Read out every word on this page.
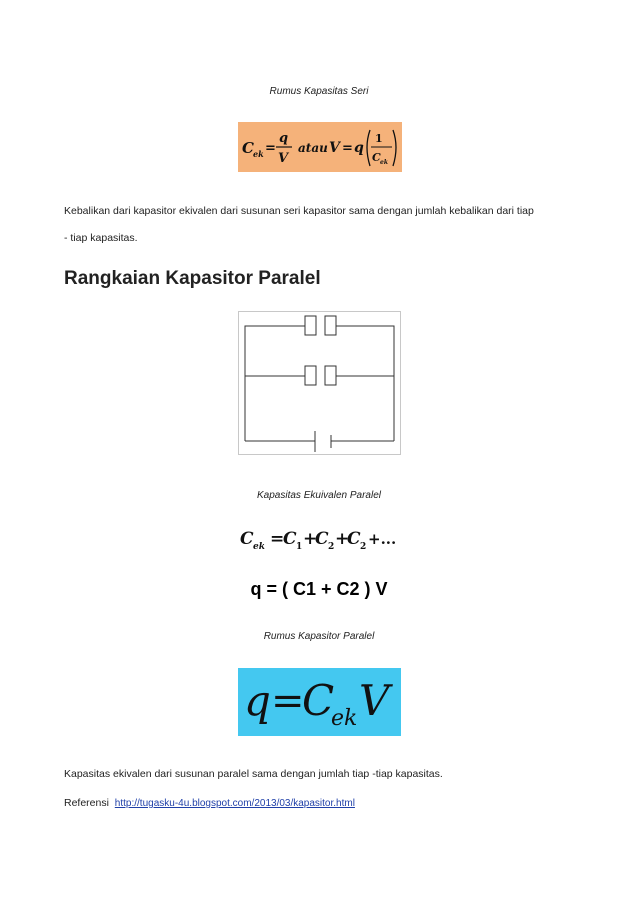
Rumus Kapasitas Seri
C ek =
q
V
atau V = q
1
C ek
Kebalikan dari kapasitor ekivalen dari susunan seri kapasitor sama dengan jumlah kebalikan dari tiap
- tiap kapasitas.
Rangkaian Kapasitor Paralel
Kapasitas Ekuivalen Paralel
C ek =
C 1 +
C 2 +
C 2 +...
q = ( C1 + C2 ) V
Rumus Kapasitor Paralel
q =
C
ek V
Kapasitas ekivalen dari susunan paralel sama dengan jumlah tiap -tiap kapasitas.
Referensi http://tugasku-4u.blogspot.com/2013/03/kapasitor.html
